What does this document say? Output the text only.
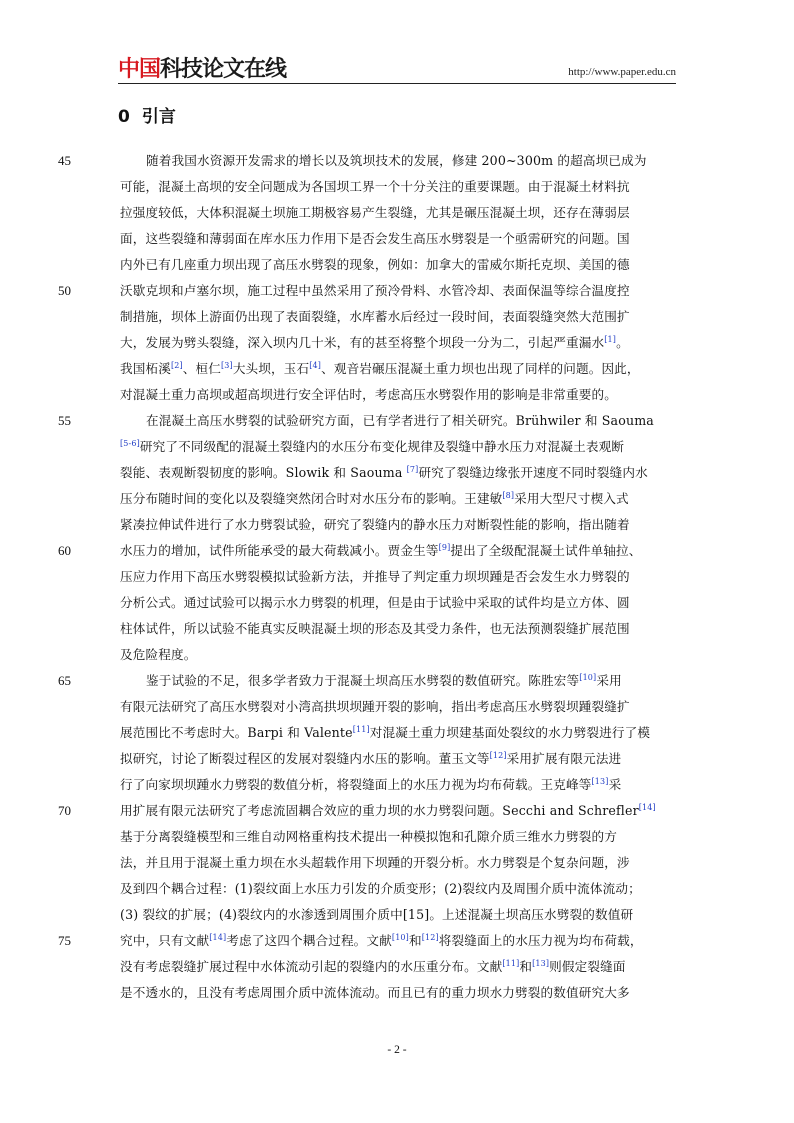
中国科技论文在线	http://www.paper.edu.cn
0 引言
随着我国水资源开发需求的增长以及筑坝技术的发展，修建 200~300m 的超高坝已成为
可能，混凝土高坝的安全问题成为各国坝工界一个十分关注的重要课题。由于混凝土材料抗
拉强度较低，大体积混凝土坝施工期极容易产生裂缝，尤其是碾压混凝土坝，还存在薄弱层
面，这些裂缝和薄弱面在库水压力作用下是否会发生高压水劈裂是一个亟需研究的问题。国
内外已有几座重力坝出现了高压水劈裂的现象，例如：加拿大的雷威尔斯托克坝、美国的德
沃歇克坝和卢塞尔坝，施工过程中虽然采用了预冷骨料、水管冷却、表面保温等综合温度控
制措施，坝体上游面仍出现了表面裂缝，水库蓄水后经过一段时间，表面裂缝突然大范围扩
大，发展为劈头裂缝，深入坝内几十米，有的甚至将整个坝段一分为二，引起严重漏水[1]。
我国柘溪[2]、桓仁[3]大头坝，玉石[4]、观音岩碾压混凝土重力坝也出现了同样的问题。因此，
对混凝土重力高坝或超高坝进行安全评估时，考虑高压水劈裂作用的影响是非常重要的。
在混凝土高压水劈裂的试验研究方面，已有学者进行了相关研究。Brühwiler 和 Saouma
[5-6]研究了不同级配的混凝土裂缝内的水压分布变化规律及裂缝中静水压力对混凝土表观断
裂能、表观断裂韧度的影响。Slowik 和 Saouma [7]研究了裂缝边缘张开速度不同时裂缝内水
压分布随时间的变化以及裂缝突然闭合时对水压分布的影响。王建敏[8]采用大型尺寸楔入式
紧凑拉伸试件进行了水力劈裂试验，研究了裂缝内的静水压力对断裂性能的影响，指出随着
水压力的增加，试件所能承受的最大荷载减小。贾金生等[9]提出了全级配混凝土试件单轴拉、
压应力作用下高压水劈裂模拟试验新方法，并推导了判定重力坝坝踵是否会发生水力劈裂的
分析公式。通过试验可以揭示水力劈裂的机理，但是由于试验中采取的试件均是立方体、圆
柱体试件，所以试验不能真实反映混凝土坝的形态及其受力条件，也无法预测裂缝扩展范围
及危险程度。
鉴于试验的不足，很多学者致力于混凝土坝高压水劈裂的数值研究。陈胜宏等[10]采用
有限元法研究了高压水劈裂对小湾高拱坝坝踵开裂的影响，指出考虑高压水劈裂坝踵裂缝扩
展范围比不考虑时大。Barpi 和 Valente[11]对混凝土重力坝建基面处裂纹的水力劈裂进行了模
拟研究，讨论了断裂过程区的发展对裂缝内水压的影响。董玉文等[12]采用扩展有限元法进
行了向家坝坝踵水力劈裂的数值分析，将裂缝面上的水压力视为均布荷载。王克峰等[13]采
用扩展有限元法研究了考虑流固耦合效应的重力坝的水力劈裂问题。Secchi and Schrefler[14]
基于分离裂缝模型和三维自动网格重构技术提出一种模拟饱和孔隙介质三维水力劈裂的方
法，并且用于混凝土重力坝在水头超载作用下坝踵的开裂分析。水力劈裂是个复杂问题，涉
及到四个耦合过程：(1)裂纹面上水压力引发的介质变形；(2)裂纹内及周围介质中流体流动；
(3) 裂纹的扩展；(4)裂纹内的水渗透到周围介质中[15]。上述混凝土坝高压水劈裂的数值研
究中，只有文献[14]考虑了这四个耦合过程。文献[10]和[12]将裂缝面上的水压力视为均布荷载，
没有考虑裂缝扩展过程中水体流动引起的裂缝内的水压重分布。文献[11]和[13]则假定裂缝面
是不透水的，且没有考虑周围介质中流体流动。而且已有的重力坝水力劈裂的数值研究大多
45
50
55
60
65
70
75
- 2 -
